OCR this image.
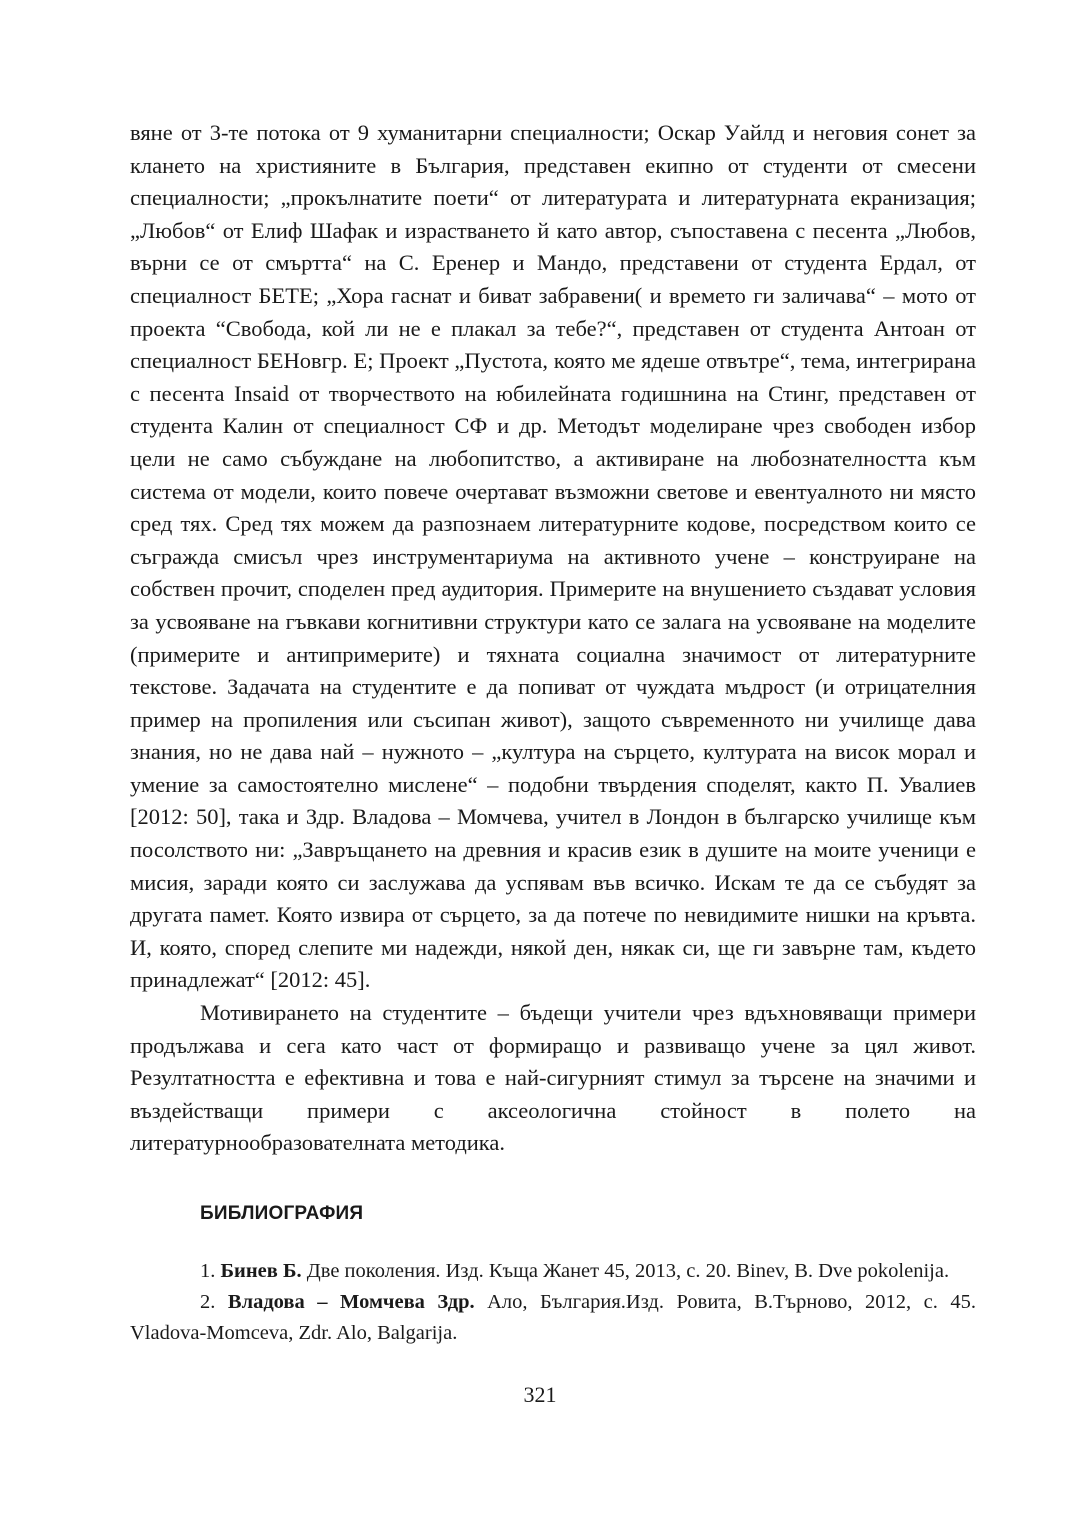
вяне от 3-те потока от 9 хуманитарни специалности; Оскар Уайлд и неговия сонет за клането на християните в България, представен екипно от студенти от смесени специалности; „прокълнатите поети“ от литературата и литературната екранизация; „Любов“ от Елиф Шафак и израстването й като автор, съпоставена с песента „Любов, върни се от смъртта“ на С. Еренер и Мандо, представени от студента Ердал, от специалност БЕТЕ; „Хора гаснат и биват забравени( и времето ги заличава“ – мото от проекта “Свобода, кой ли не е плакал за тебе?“, представен от студента Антоан от специалност БЕНовгр. Е; Проект „Пустота, която ме ядеше отвътре“, тема, интегрирана с песента Insaid от творчеството на юбилейната годишнина на Стинг, представен от студента Калин от специалност СФ и др. Методът моделиране чрез свободен избор цели не само събуждане на любопитство, а активиране на любознателността към система от модели, които повече очертават възможни светове и евентуалното ни място сред тях. Сред тях можем да разпознаем литературните кодове, посредством които се съгражда смисъл чрез инструментариума на активното учене – конструиране на собствен прочит, споделен пред аудитория. Примерите на внушението създават условия за усвояване на гъвкави когнитивни структури като се залага на усвояване на моделите (примерите и антипримерите) и тяхната социална значимост от литературните текстове. Задачата на студентите е да попиват от чуждата мъдрост (и отрицателния пример на пропиления или съсипан живот), защото съвременното ни училище дава знания, но не дава най – нужното – „култура на сърцето, културата на висок морал и умение за самостоятелно мислене“ – подобни твърдения споделят, както П. Увалиев [2012: 50], така и Здр. Владова – Момчева, учител в Лондон в българско училище към посолството ни: „Завръщането на древния и красив език в душите на моите ученици е мисия, заради която си заслужава да успявам във всичко. Искам те да се събудят за другата памет. Която извира от сърцето, за да потече по невидимите нишки на кръвта. И, която, според слепите ми надежди, някой ден, някак си, ще ги завърне там, където принадлежат“ [2012: 45].

Мотивирането на студентите – бъдещи учители чрез вдъхновяващи примери продължава и сега като част от формиращо и развиващо учене за цял живот. Резултатността е ефективна и това е най-сигурният стимул за търсене на значими и въздействащи примери с аксеологична стойност в полето на литературнообразователната методика.

БИБЛИОГРАФИЯ

1. Бинев Б. Две поколения. Изд. Къща Жанет 45, 2013, с. 20. Binev, B. Dve pokolenija.

2. Владова – Момчева Здр. Ало, България.Изд. Ровита, В.Търново, 2012, с. 45. Vladova-Momceva, Zdr. Alo, Balgarija.

321
